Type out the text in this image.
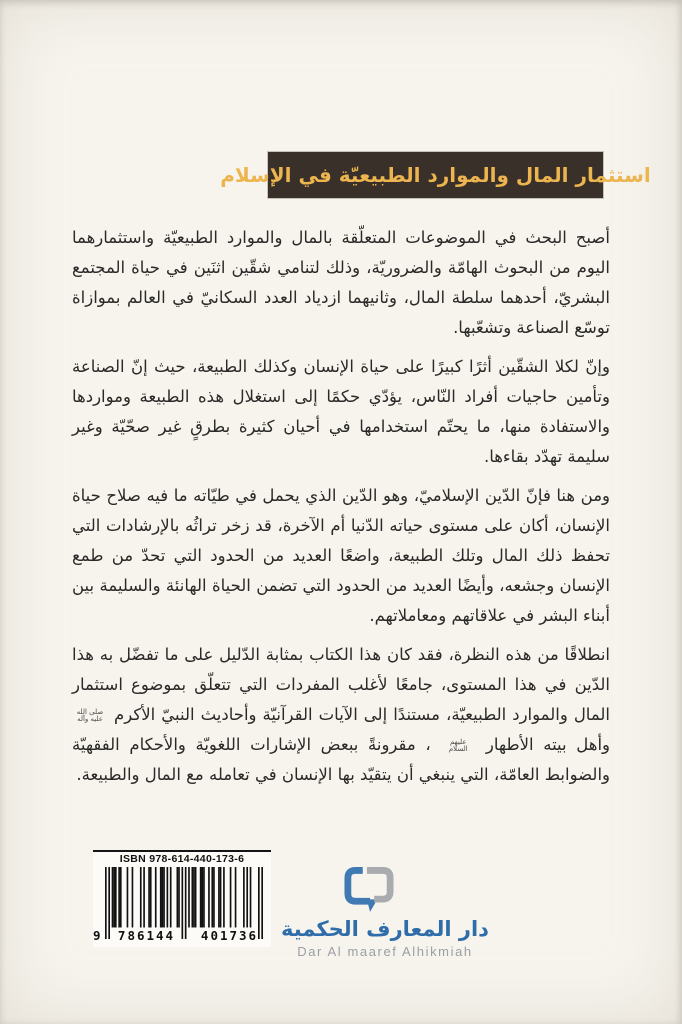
استثمار المال والموارد الطبيعيّة في الإسلام

أصبح البحث في الموضوعات المتعلّقة بالمال والموارد الطبيعيّة واستثمارهما اليوم من البحوث الهامّة والضروريّة، وذلك لتنامي شقّين اثنَين في حياة المجتمع البشريّ، أحدهما سلطة المال، وثانيهما ازدياد العدد السكانيّ في العالم بموازاة توسّع الصناعة وتشعّبها.

وإنّ لكلا الشقّين أثرًا كبيرًا على حياة الإنسان وكذلك الطبيعة، حيث إنّ الصناعة وتأمين حاجيات أفراد النّاس، يؤدّي حكمًا إلى استغلال هذه الطبيعة ومواردها والاستفادة منها، ما يحتّم استخدامها في أحيان كثيرة بطرقٍ غير صحّيّة وغير سليمة تهدّد بقاءها.

ومن هنا فإنّ الدّين الإسلاميّ، وهو الدّين الذي يحمل في طيّاته ما فيه صلاح حياة الإنسان، أكان على مستوى حياته الدّنيا أم الآخرة، قد زخر تراثُه بالإرشادات التي تحفظ ذلك المال وتلك الطبيعة، واضعًا العديد من الحدود التي تحدّ من طمع الإنسان وجشعه، وأيضًا العديد من الحدود التي تضمن الحياة الهانئة والسليمة بين أبناء البشر في علاقاتهم ومعاملاتهم.

انطلاقًا من هذه النظرة، فقد كان هذا الكتاب بمثابة الدّليل على ما تفضّل به هذا الدّين في هذا المستوى، جامعًا لأغلب المفردات التي تتعلّق بموضوع استثمار المال والموارد الطبيعيّة، مستندًا إلى الآيات القرآنيّة وأحاديث النبيّ الأكرم صلى الله عليه وآله وأهل بيته الأطهار عليهم السلام ، مقرونةً ببعض الإشارات اللغويّة والأحكام الفقهيّة والضوابط العامّة، التي ينبغي أن يتقيّد بها الإنسان في تعامله مع المال والطبيعة.

ISBN 978-614-440-173-6
9	786144	401736	دار المعارف الحكمية
Dar Al maaref Alhikmiah
